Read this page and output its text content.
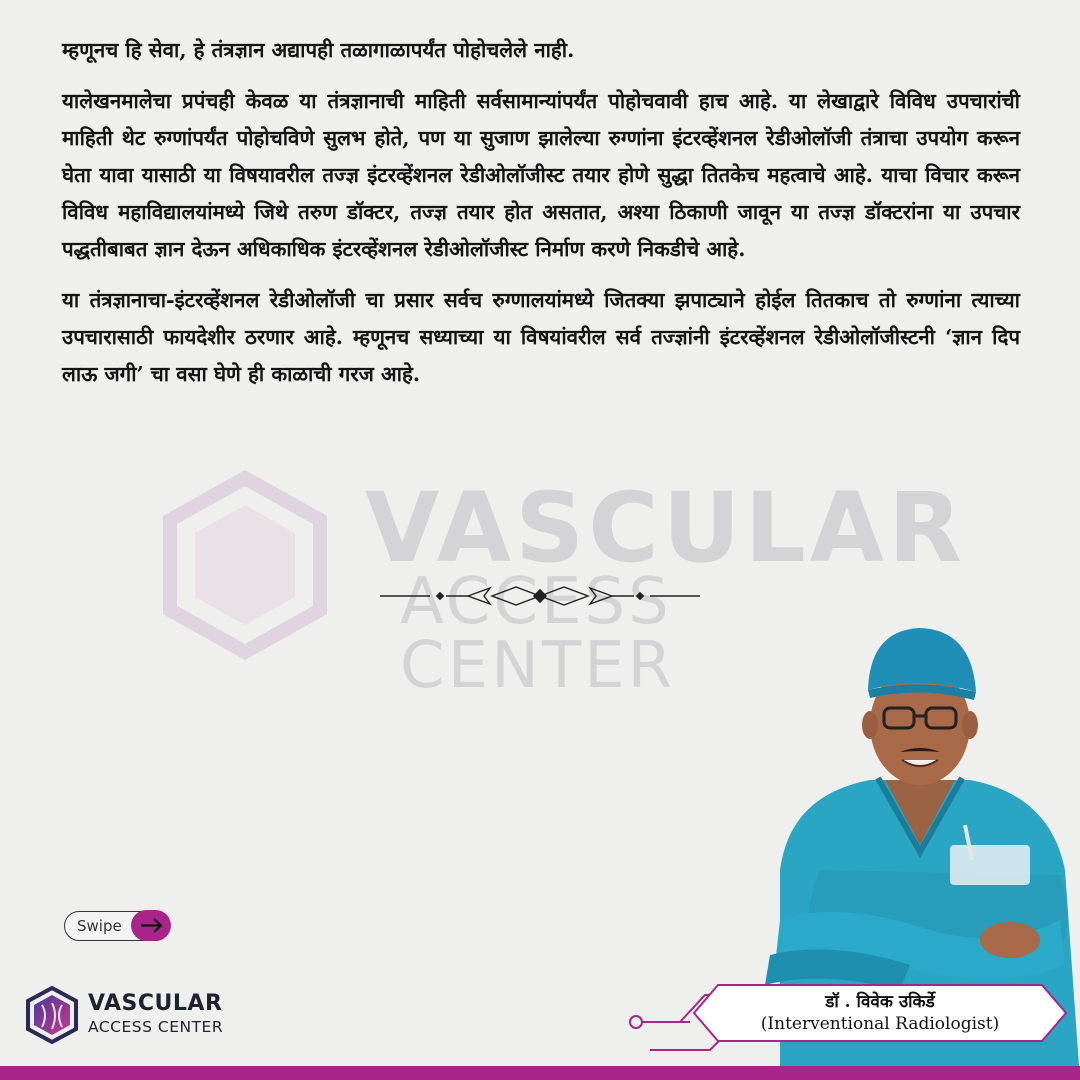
VASCULAR
ACCESS CENTER

म्हणूनच हि सेवा, हे तंत्रज्ञान अद्यापही तळागाळापर्यंत पोहोचलेले नाही.

यालेखनमालेचा प्रपंचही केवळ या तंत्रज्ञानाची माहिती सर्वसामान्यांपर्यंत पोहोचवावी हाच आहे. या लेखाद्वारे विविध उपचारांची माहिती थेट रुग्णांपर्यंत पोहोचविणे सुलभ होते, पण या सुजाण झालेल्या रुग्णांना इंटरव्हेंशनल रेडीओलॉजी तंत्राचा उपयोग करून घेता यावा यासाठी या विषयावरील तज्ज्ञ इंटरव्हेंशनल रेडीओलॉजीस्ट तयार होणे सुद्धा तितकेच महत्वाचे आहे. याचा विचार करून विविध महाविद्यालयांमध्ये जिथे तरुण डॉक्टर, तज्ज्ञ तयार होत असतात, अश्या ठिकाणी जावून या तज्ज्ञ डॉक्टरांना या उपचार पद्धतीबाबत ज्ञान देऊन अधिकाधिक इंटरव्हेंशनल रेडीओलॉजीस्ट निर्माण करणे निकडीचे आहे.

या तंत्रज्ञानाचा-इंटरव्हेंशनल रेडीओलॉजी चा प्रसार सर्वच रुग्णालयांमध्ये जितक्या झपाट्याने होईल तितकाच तो रुग्णांना त्याच्या उपचारासाठी फायदेशीर ठरणार आहे. म्हणूनच सध्याच्या या विषयांवरील सर्व तज्ज्ञांनी इंटरव्हेंशनल रेडीओलॉजीस्टनी ‘ज्ञान दिप लाऊ जगी’ चा वसा घेणे ही काळाची गरज आहे.

Swipe
VASCULAR
ACCESS CENTER
डॉ . विवेक उकिर्डे
(Interventional Radiologist)
